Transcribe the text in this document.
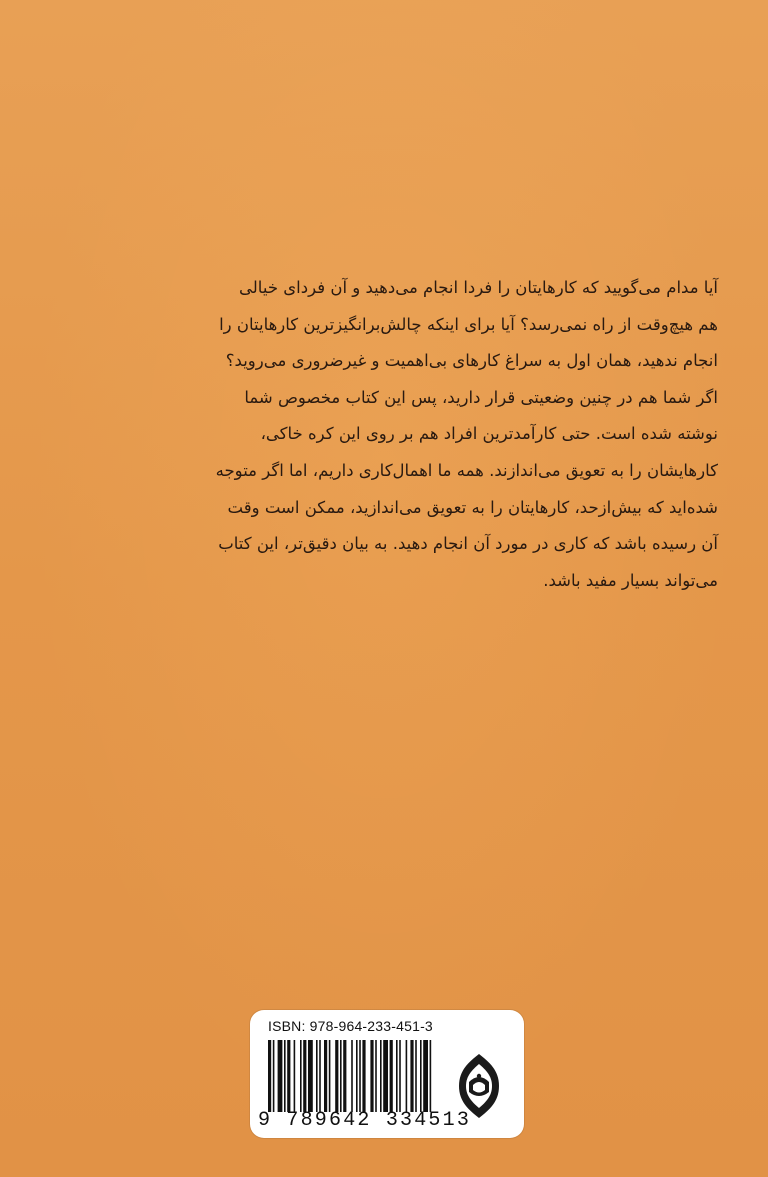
آیا مدام می‌گویید که کارهایتان را فردا انجام می‌دهید و آن فردای خیالی
هم هیچ‌وقت از راه نمی‌رسد؟ آیا برای اینکه چالش‌برانگیزترین کارهایتان را
انجام ندهید، همان اول به سراغ کارهای بی‌اهمیت و غیرضروری می‌روید؟
اگر شما هم در چنین وضعیتی قرار دارید، پس این کتاب مخصوص شما
نوشته شده است. حتی کارآمدترین افراد هم بر روی این کره خاکی،
کارهایشان را به تعویق می‌اندازند. همه ما اهمال‌کاری داریم، اما اگر متوجه
شده‌اید که بیش‌ازحد، کارهایتان را به تعویق می‌اندازید، ممکن است وقت
آن رسیده باشد که کاری در مورد آن انجام دهید. به بیان دقیق‌تر، این کتاب
می‌تواند بسیار مفید باشد.
ISBN: 978-964-233-451-3
9 789642 334513
